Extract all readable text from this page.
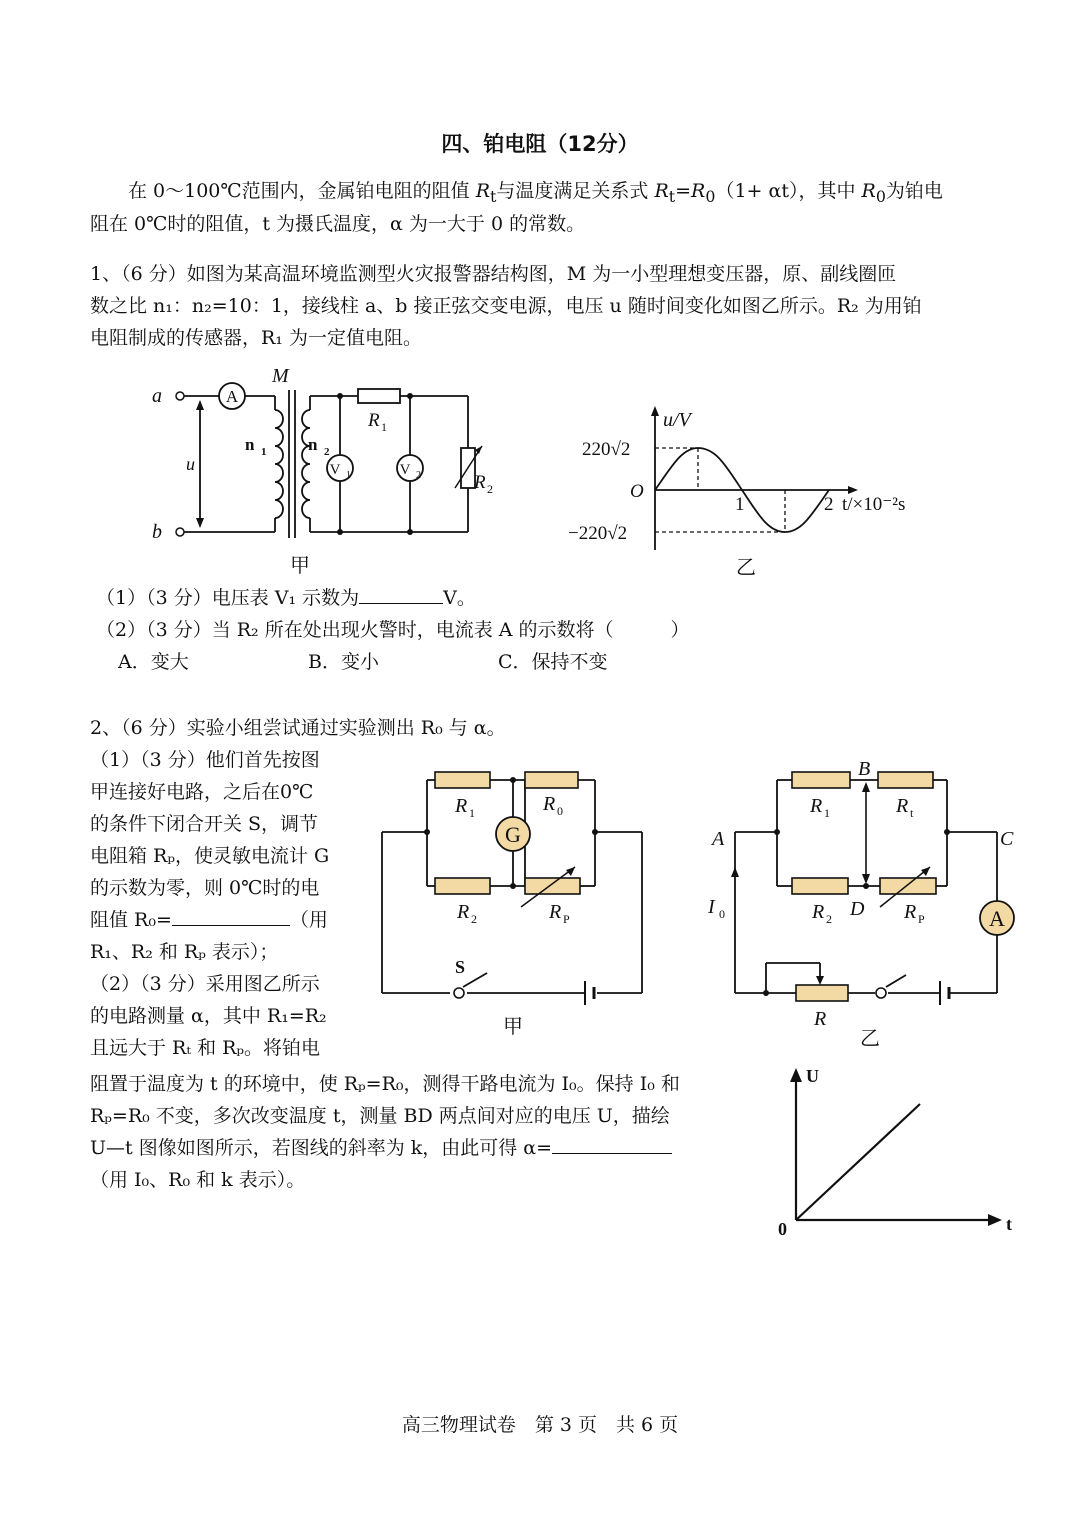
四、铂电阻（12分）
在 0～100℃范围内，金属铂电阻的阻值 $R_t$与温度满足关系式 $R_t=R_0(1+ \alpha t)$，其中 $R_0$为铂电
阻在 0℃时的阻值，t 为摄氏温度，α 为一大于 0 的常数。
1、（6 分）如图为某高温环境监测型火灾报警器结构图，M 为一小型理想变压器，原、副线圈匝
数之比 n₁：n₂=10：1，接线柱 a、b 接正弦交变电源，电压 u 随时间变化如图乙所示。R₂ 为用铂
电阻制成的传感器，R₁ 为一定值电阻。
A
V 1	V 2
a
b
u
M
n 1 n 2
R 1
R 2
甲
u/V
220√2
−220√2
O
1	2 t/×10⁻²s
乙
（1）（3 分）电压表 V₁ 示数为	V。
（2）（3 分）当 R₂ 所在处出现火警时，电流表 A 的示数将（　　　）
A．变大	B．变小	C．保持不变
2、（6 分）实验小组尝试通过实验测出 R₀ 与 α。
（1）（3 分）他们首先按图
甲连接好电路，之后在0℃
的条件下闭合开关 S，调节
电阻箱 Rₚ，使灵敏电流计 G
的示数为零，则 0℃时的电
阻值 R₀=	（用
R₁、R₂ 和 Rₚ 表示）；
（2）（3 分）采用图乙所示
的电路测量 α，其中 R₁=R₂
且远大于 Rₜ 和 Rₚ。将铂电
G
R 1	R 0
R 2	R P
S
甲
A
B
A	C
D
I 0
R 1	R t
R 2	R P
R
乙
阻置于温度为 t 的环境中，使 Rₚ=R₀，测得干路电流为 I₀。保持 I₀ 和
Rₚ=R₀ 不变，多次改变温度 t，测量 BD 两点间对应的电压 U，描绘
U—t 图像如图所示，若图线的斜率为 k，由此可得 α=
（用 I₀、R₀ 和 k 表示）。
U
t
0
高三物理试卷　第 3 页　共 6 页
